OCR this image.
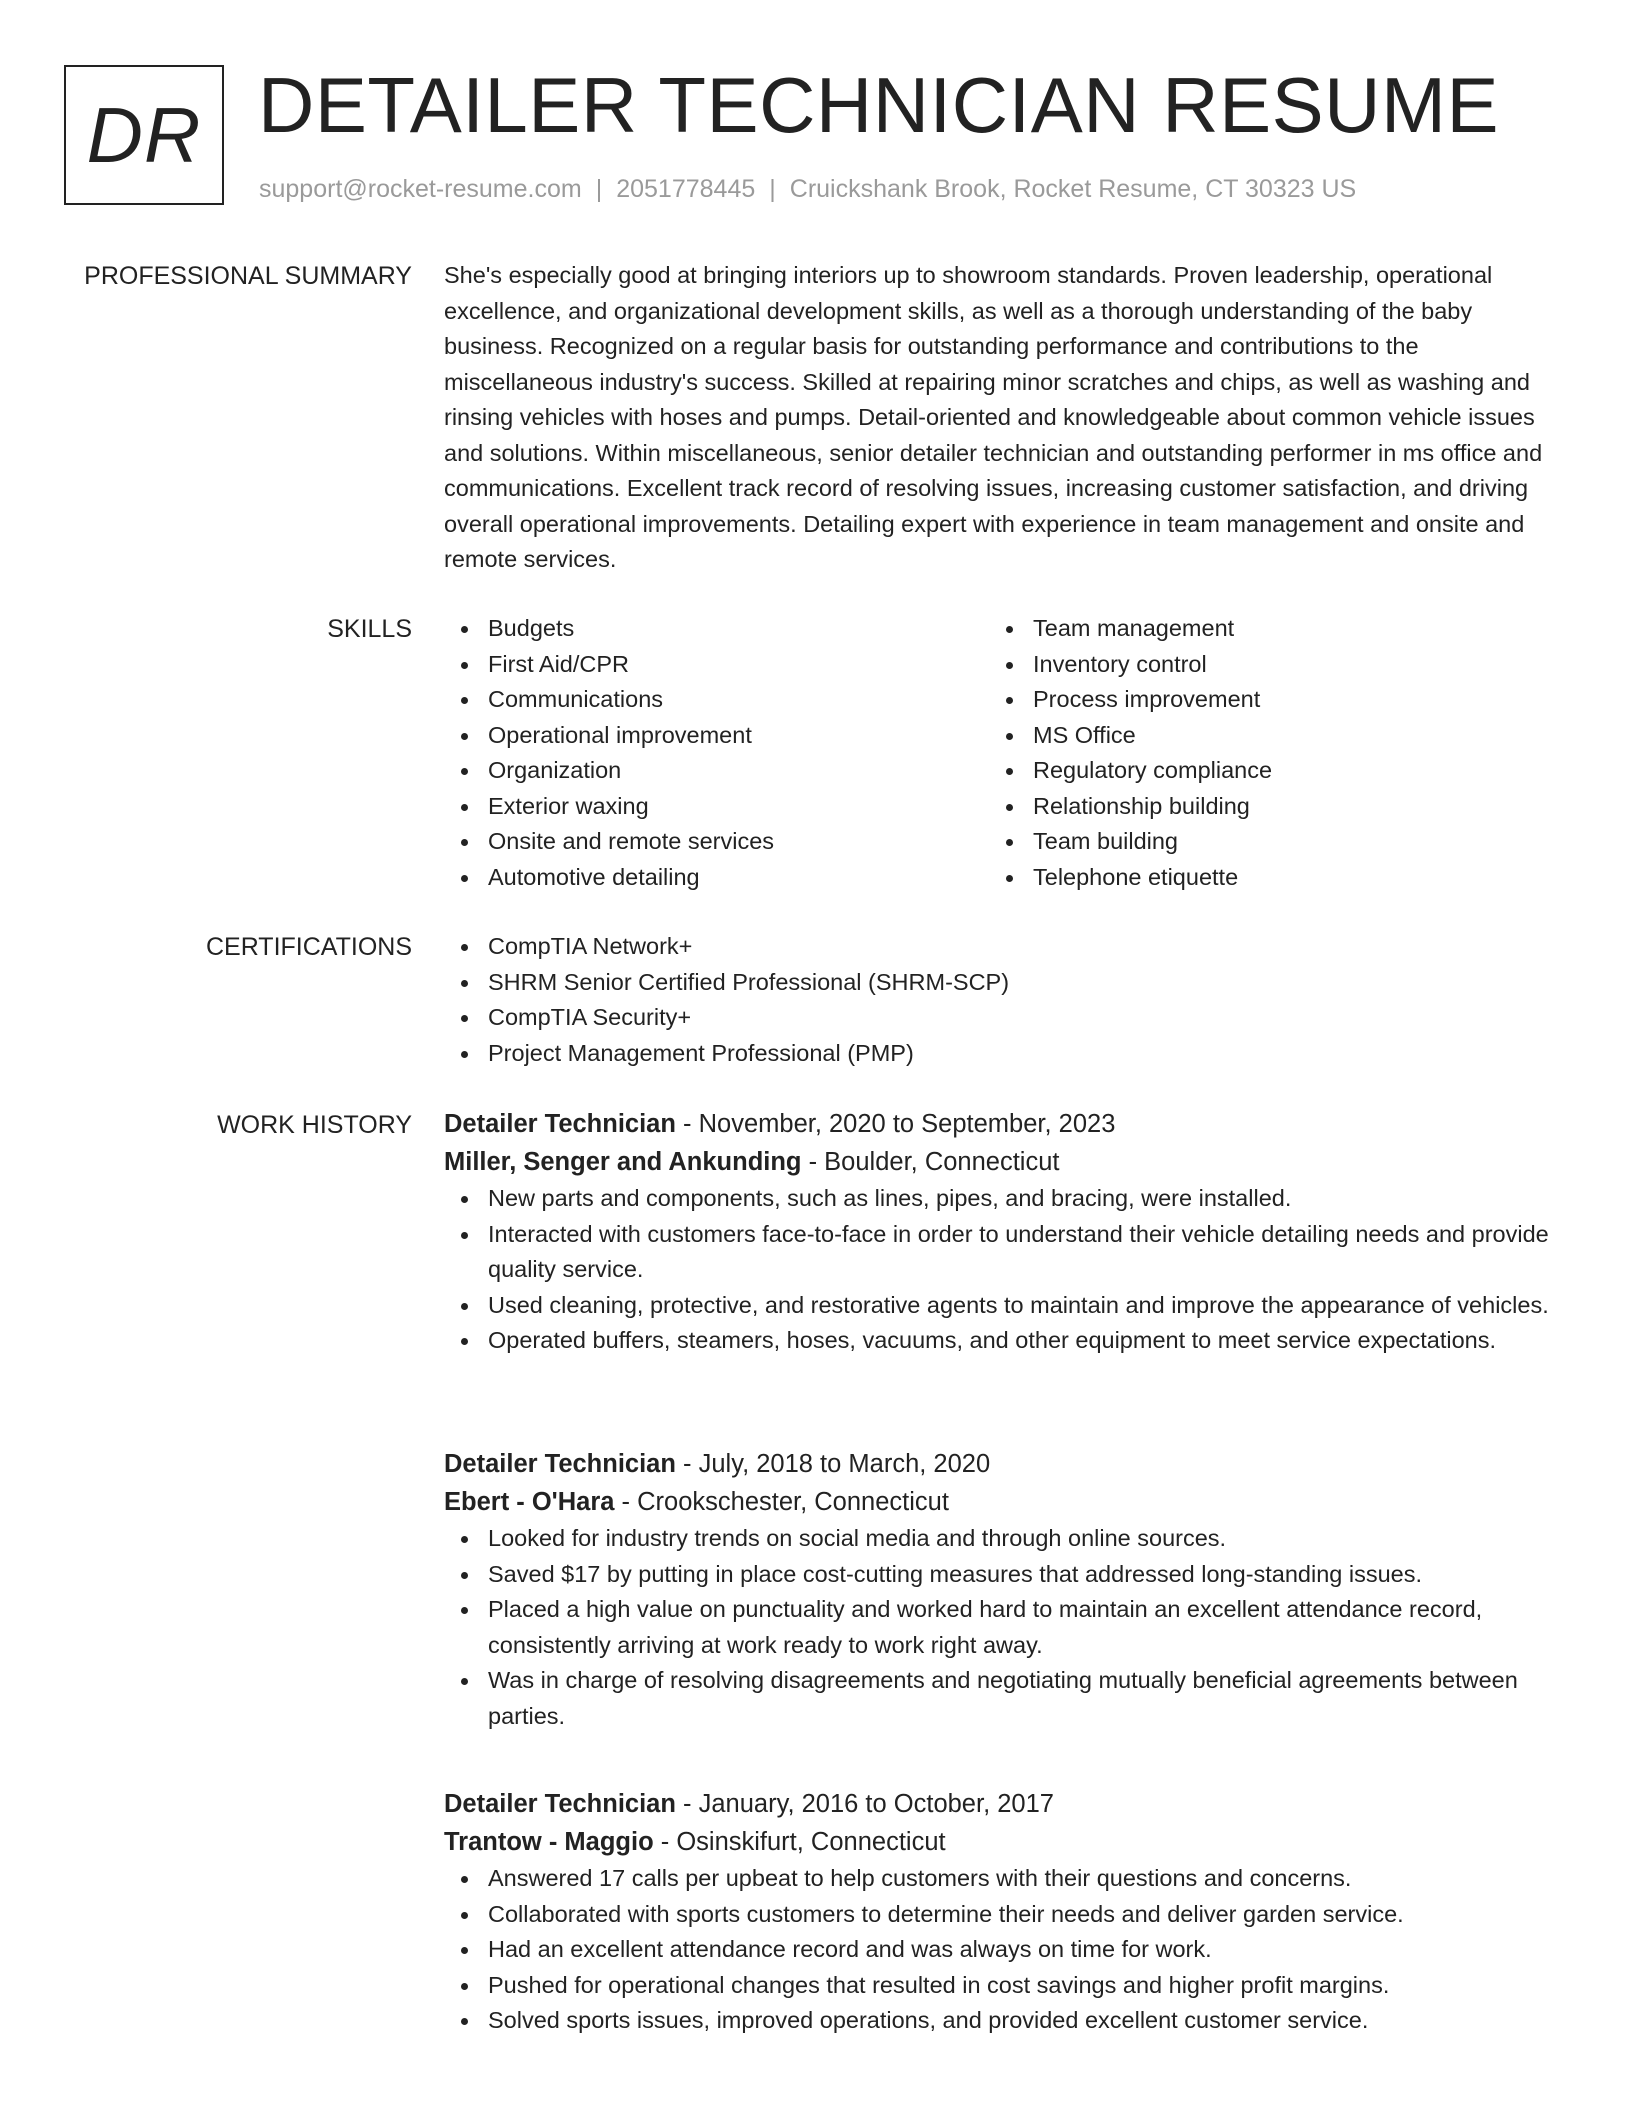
DR DETAILER TECHNICIAN RESUME
support@rocket-resume.com | 2051778445 | Cruickshank Brook, Rocket Resume, CT 30323 US
PROFESSIONAL SUMMARY She's especially good at bringing interiors up to showroom standards. Proven leadership, operational excellence, and organizational development skills, as well as a thorough understanding of the baby business. Recognized on a regular basis for outstanding performance and contributions to the miscellaneous industry's success. Skilled at repairing minor scratches and chips, as well as washing and rinsing vehicles with hoses and pumps. Detail-oriented and knowledgeable about common vehicle issues and solutions. Within miscellaneous, senior detailer technician and outstanding performer in ms office and communications. Excellent track record of resolving issues, increasing customer satisfaction, and driving overall operational improvements. Detailing expert with experience in team management and onsite and remote services.

SKILLS	Budgets
First Aid/CPR
Communications
Operational improvement
Organization
Exterior waxing
Onsite and remote services
Automotive detailing
Team management
Inventory control
Process improvement
MS Office
Regulatory compliance
Relationship building
Team building
Telephone etiquette
CERTIFICATIONS	CompTIA Network+
SHRM Senior Certified Professional (SHRM-SCP)
CompTIA Security+
Project Management Professional (PMP)
WORK HISTORY Detailer Technician - November, 2020 to September, 2023
Miller, Senger and Ankunding - Boulder, Connecticut
New parts and components, such as lines, pipes, and bracing, were installed.
Interacted with customers face-to-face in order to understand their vehicle detailing needs and provide quality service.
Used cleaning, protective, and restorative agents to maintain and improve the appearance of vehicles.
Operated buffers, steamers, hoses, vacuums, and other equipment to meet service expectations.
Detailer Technician - July, 2018 to March, 2020
Ebert - O'Hara - Crookschester, Connecticut
Looked for industry trends on social media and through online sources.
Saved $17 by putting in place cost-cutting measures that addressed long-standing issues.
Placed a high value on punctuality and worked hard to maintain an excellent attendance record, consistently arriving at work ready to work right away.
Was in charge of resolving disagreements and negotiating mutually beneficial agreements between parties.
Detailer Technician - January, 2016 to October, 2017
Trantow - Maggio - Osinskifurt, Connecticut
Answered 17 calls per upbeat to help customers with their questions and concerns.
Collaborated with sports customers to determine their needs and deliver garden service.
Had an excellent attendance record and was always on time for work.
Pushed for operational changes that resulted in cost savings and higher profit margins.
Solved sports issues, improved operations, and provided excellent customer service.
